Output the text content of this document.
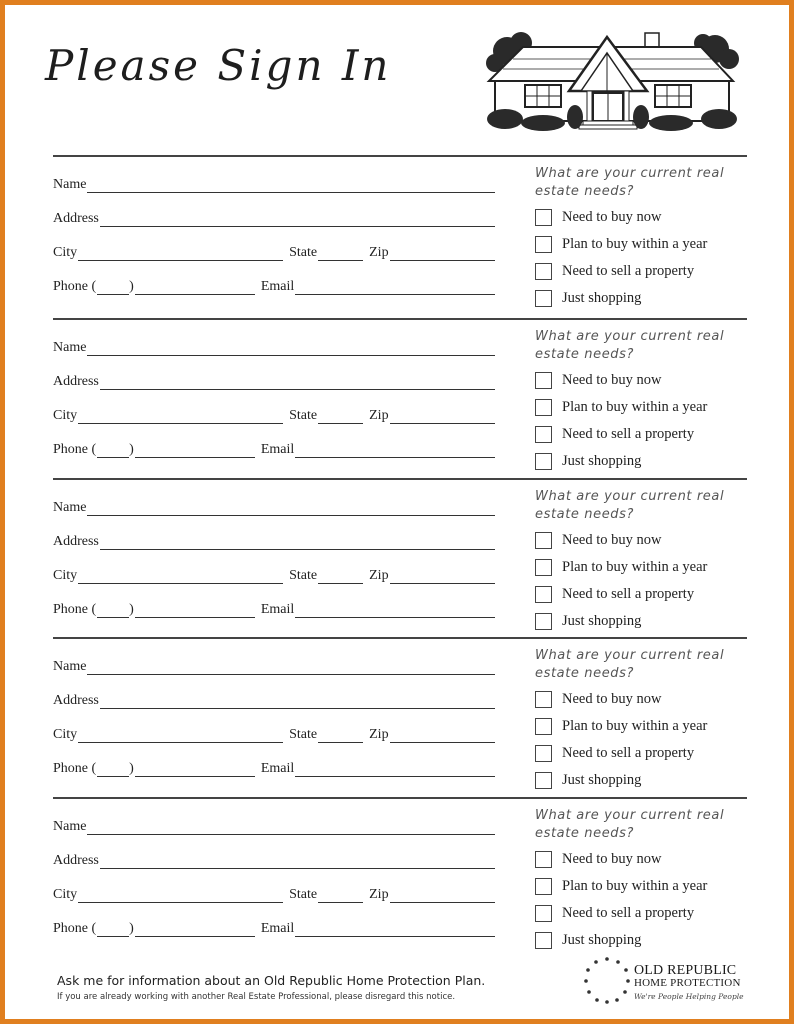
Please Sign In
Name
Address
City	State	Zip
Phone ( )	Email
What are your current real estate needs?
Need to buy now
Plan to buy within a year
Need to sell a property
Just shopping
Name
Address
City	State	Zip
Phone ( )	Email
What are your current real estate needs?
Need to buy now
Plan to buy within a year
Need to sell a property
Just shopping
Name
Address
City	State	Zip
Phone ( )	Email
What are your current real estate needs?
Need to buy now
Plan to buy within a year
Need to sell a property
Just shopping
Name
Address
City	State	Zip
Phone ( )	Email
What are your current real estate needs?
Need to buy now
Plan to buy within a year
Need to sell a property
Just shopping
Name
Address
City	State	Zip
Phone ( )	Email
What are your current real estate needs?
Need to buy now
Plan to buy within a year
Need to sell a property
Just shopping
Ask me for information about an Old Republic Home Protection Plan.
If you are already working with another Real Estate Professional, please disregard this notice.
OLD REPUBLIC
HOME PROTECTION
We're People Helping People
